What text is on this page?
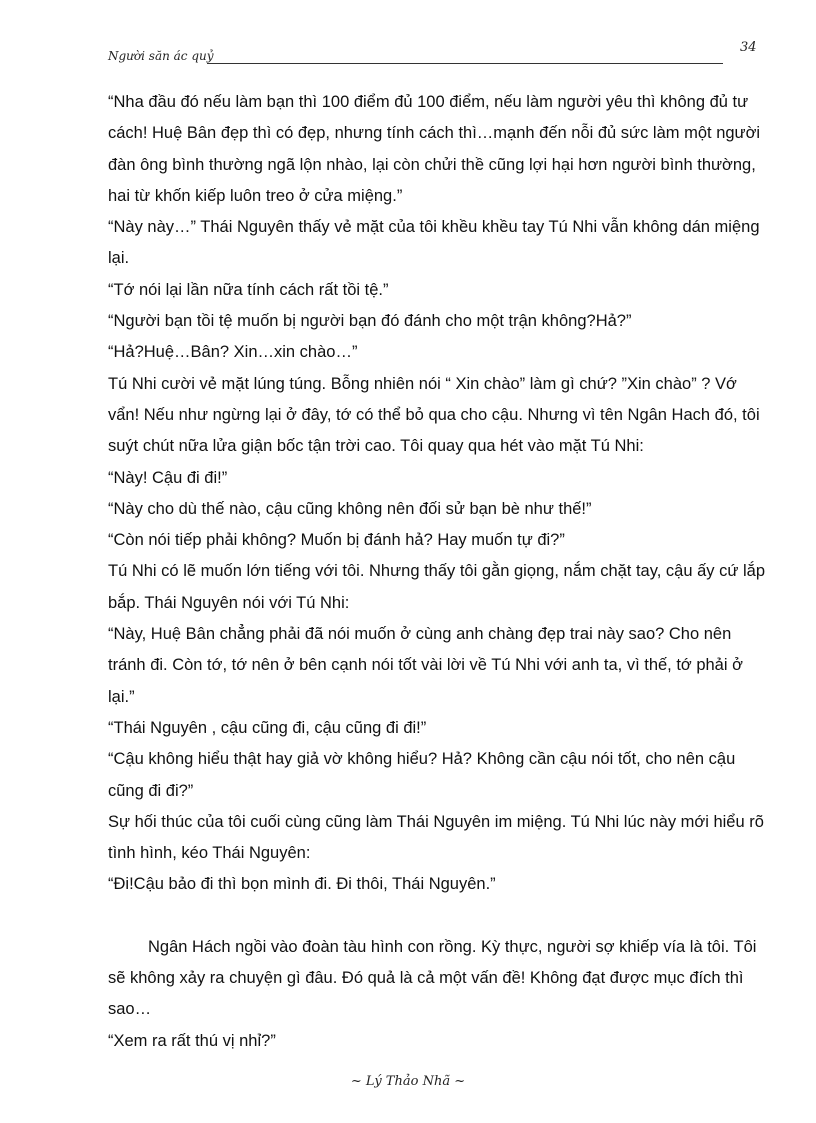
Người săn ác quỷ
34

“Nha đầu đó nếu làm bạn thì 100 điểm đủ 100 điểm, nếu làm người yêu thì không đủ tư cách! Huệ Bân đẹp thì có đẹp, nhưng tính cách thì…mạnh đến nỗi đủ sức làm một người đàn ông bình thường ngã lộn nhào, lại còn chửi thề cũng lợi hại hơn người bình thường, hai từ khốn kiếp luôn treo ở cửa miệng.”

“Này này…” Thái Nguyên thấy vẻ mặt của tôi khều khều tay Tú Nhi vẫn không dán miệng lại.

“Tớ nói lại lần nữa tính cách rất tồi tệ.”

“Người bạn tồi tệ muốn bị người bạn đó đánh cho một trận không?Hả?”

“Hả?Huệ…Bân? Xin…xin chào…”

Tú Nhi cười vẻ mặt lúng túng. Bỗng nhiên nói “ Xin chào” làm gì chứ? ”Xin chào” ? Vớ vẩn! Nếu như ngừng lại ở đây, tớ có thể bỏ qua cho cậu. Nhưng vì tên Ngân Hach đó, tôi suýt chút nữa lửa giận bốc tận trời cao. Tôi quay qua hét vào mặt Tú Nhi:

“Này! Cậu đi đi!”

“Này cho dù thế nào, cậu cũng không nên đối sử bạn bè như thế!”

“Còn nói tiếp phải không? Muốn bị đánh hả? Hay muốn tự đi?”

Tú Nhi có lẽ muốn lớn tiếng với tôi. Nhưng thấy tôi gằn giọng, nắm chặt tay, cậu ấy cứ lắp bắp. Thái Nguyên nói với Tú Nhi:

“Này, Huệ Bân chẳng phải đã nói muốn ở cùng anh chàng đẹp trai này sao? Cho nên tránh đi. Còn tớ, tớ nên ở bên cạnh nói tốt vài lời về Tú Nhi với anh ta, vì thế, tớ phải ở lại.”

“Thái Nguyên , cậu cũng đi, cậu cũng đi đi!”

“Cậu không hiểu thật hay giả vờ không hiểu? Hả? Không cần cậu nói tốt, cho nên cậu cũng đi đi?”

Sự hối thúc của tôi cuối cùng cũng làm Thái Nguyên im miệng. Tú Nhi lúc này mới hiểu rõ tình hình, kéo Thái Nguyên:

“Đi!Cậu bảo đi thì bọn mình đi. Đi thôi, Thái Nguyên.”

Ngân Hách ngồi vào đoàn tàu hình con rồng. Kỳ thực, người sợ khiếp vía là tôi. Tôi sẽ không xảy ra chuyện gì đâu. Đó quả là cả một vấn đề! Không đạt được mục đích thì sao…

“Xem ra rất thú vị nhỉ?”

~ Lý Thảo Nhã ~
